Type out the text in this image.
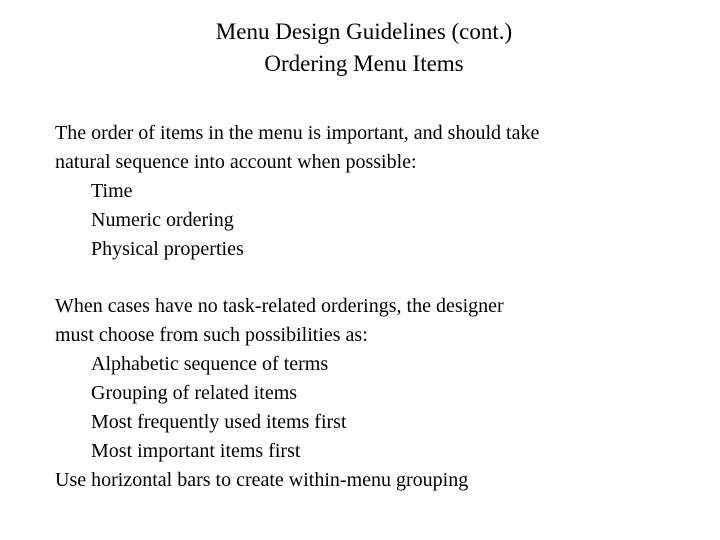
Menu Design Guidelines (cont.)
Ordering Menu Items
The order of items in the menu is important, and should take
natural sequence into account when possible:
Time
Numeric ordering
Physical properties
When cases have no task-related orderings, the designer
must choose from such possibilities as:
Alphabetic sequence of terms
Grouping of related items
Most frequently used items first
Most important items first
Use horizontal bars to create within-menu grouping
